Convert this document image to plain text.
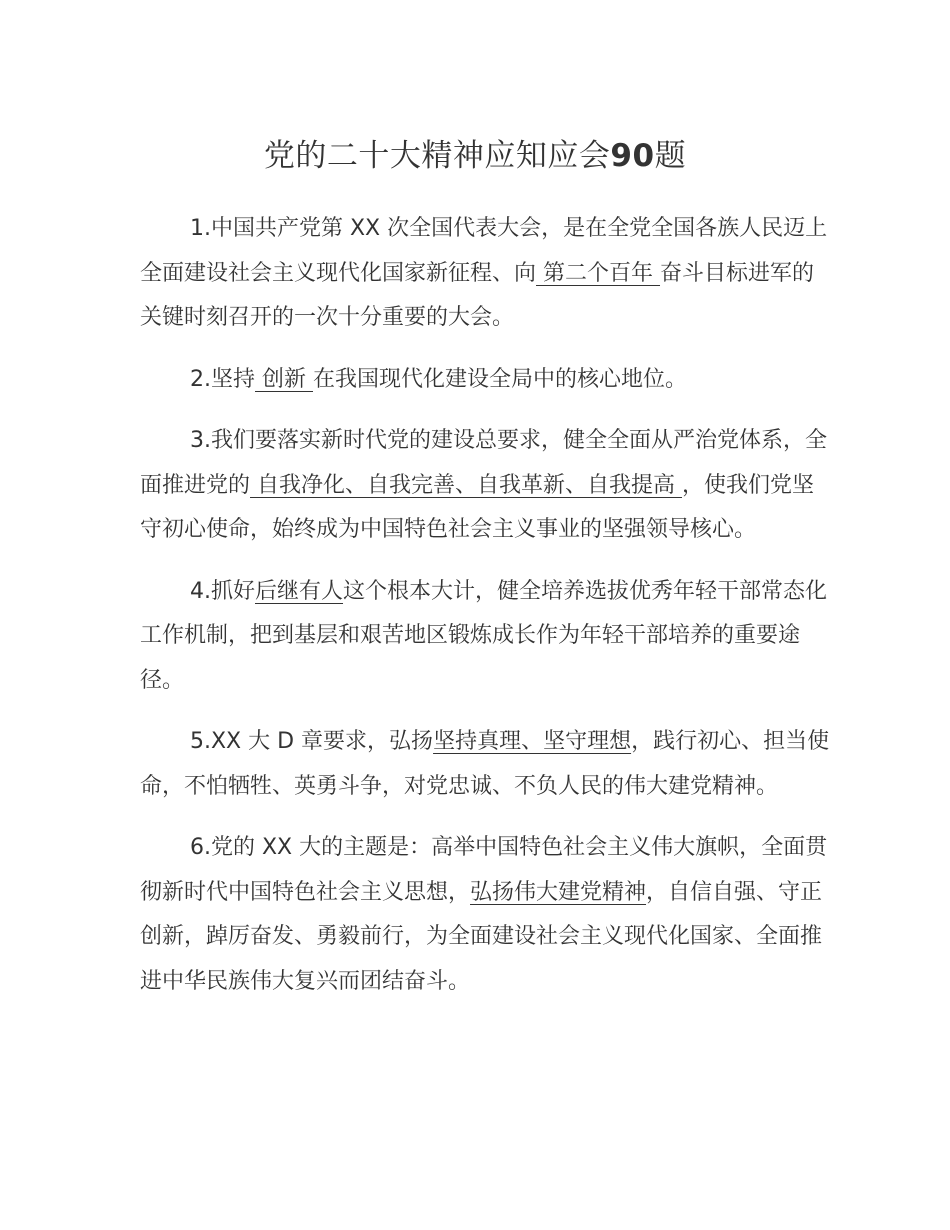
党的二十大精神应知应会90题

1.中国共产党第 XX 次全国代表大会，是在全党全国各族人民迈上全面建设社会主义现代化国家新征程、向 第二个百年 奋斗目标进军的关键时刻召开的一次十分重要的大会。

2.坚持 创新 在我国现代化建设全局中的核心地位。

3.我们要落实新时代党的建设总要求，健全全面从严治党体系，全面推进党的 自我净化、自我完善、自我革新、自我提高 ，使我们党坚守初心使命，始终成为中国特色社会主义事业的坚强领导核心。

4.抓好后继有人这个根本大计，健全培养选拔优秀年轻干部常态化工作机制，把到基层和艰苦地区锻炼成长作为年轻干部培养的重要途径。

5.XX 大 D 章要求，弘扬坚持真理、坚守理想，践行初心、担当使命，不怕牺牲、英勇斗争，对党忠诚、不负人民的伟大建党精神。

6.党的 XX 大的主题是：高举中国特色社会主义伟大旗帜，全面贯彻新时代中国特色社会主义思想，弘扬伟大建党精神，自信自强、守正创新，踔厉奋发、勇毅前行，为全面建设社会主义现代化国家、全面推进中华民族伟大复兴而团结奋斗。
